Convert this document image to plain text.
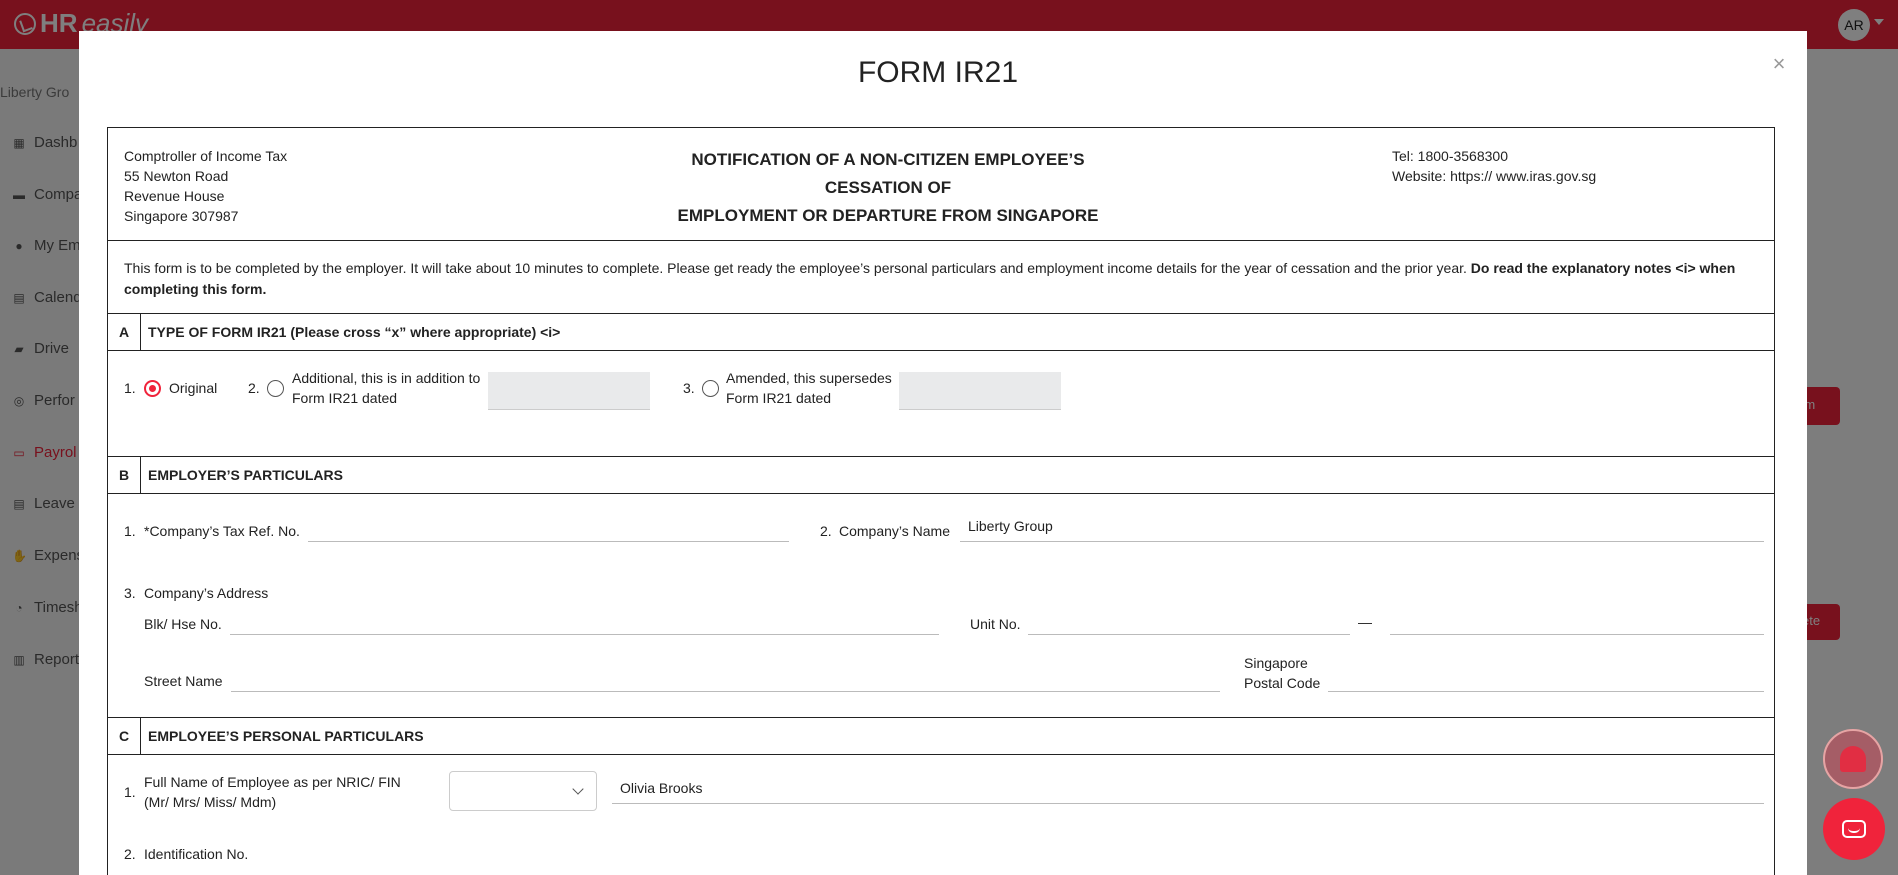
FORM IR21	×
Comptroller of Income Tax
55 Newton Road
Revenue House
Singapore 307987
NOTIFICATION OF A NON-CITIZEN EMPLOYEE’S CESSATION OF
EMPLOYMENT OR DEPARTURE FROM SINGAPORE
Tel: 1800-3568300
Website: https:// www.iras.gov.sg
This form is to be completed by the employer. It will take about 10 minutes to complete. Please get ready the employee’s personal particulars and employment income details for the year of cessation and the prior year. Do read the explanatory notes <i> when completing this form.
A	TYPE OF FORM IR21 (Please cross “x” where appropriate) <i>
1. Original 2.
Additional, this is in addition to
Form IR21 dated
3.
Amended, this supersedes
Form IR21 dated
B	EMPLOYER’S PARTICULARS
1. *Company’s Tax Ref. No.	2. Company’s Name	Liberty Group
3. Company’s Address
Blk/ Hse No.	Unit No.	—
Street Name
Singapore
Postal Code
C	EMPLOYEE’S PERSONAL PARTICULARS
1.
Full Name of Employee as per NRIC/ FIN
(Mr/ Mrs/ Miss/ Mdm)
Olivia Brooks
2. Identification No.
